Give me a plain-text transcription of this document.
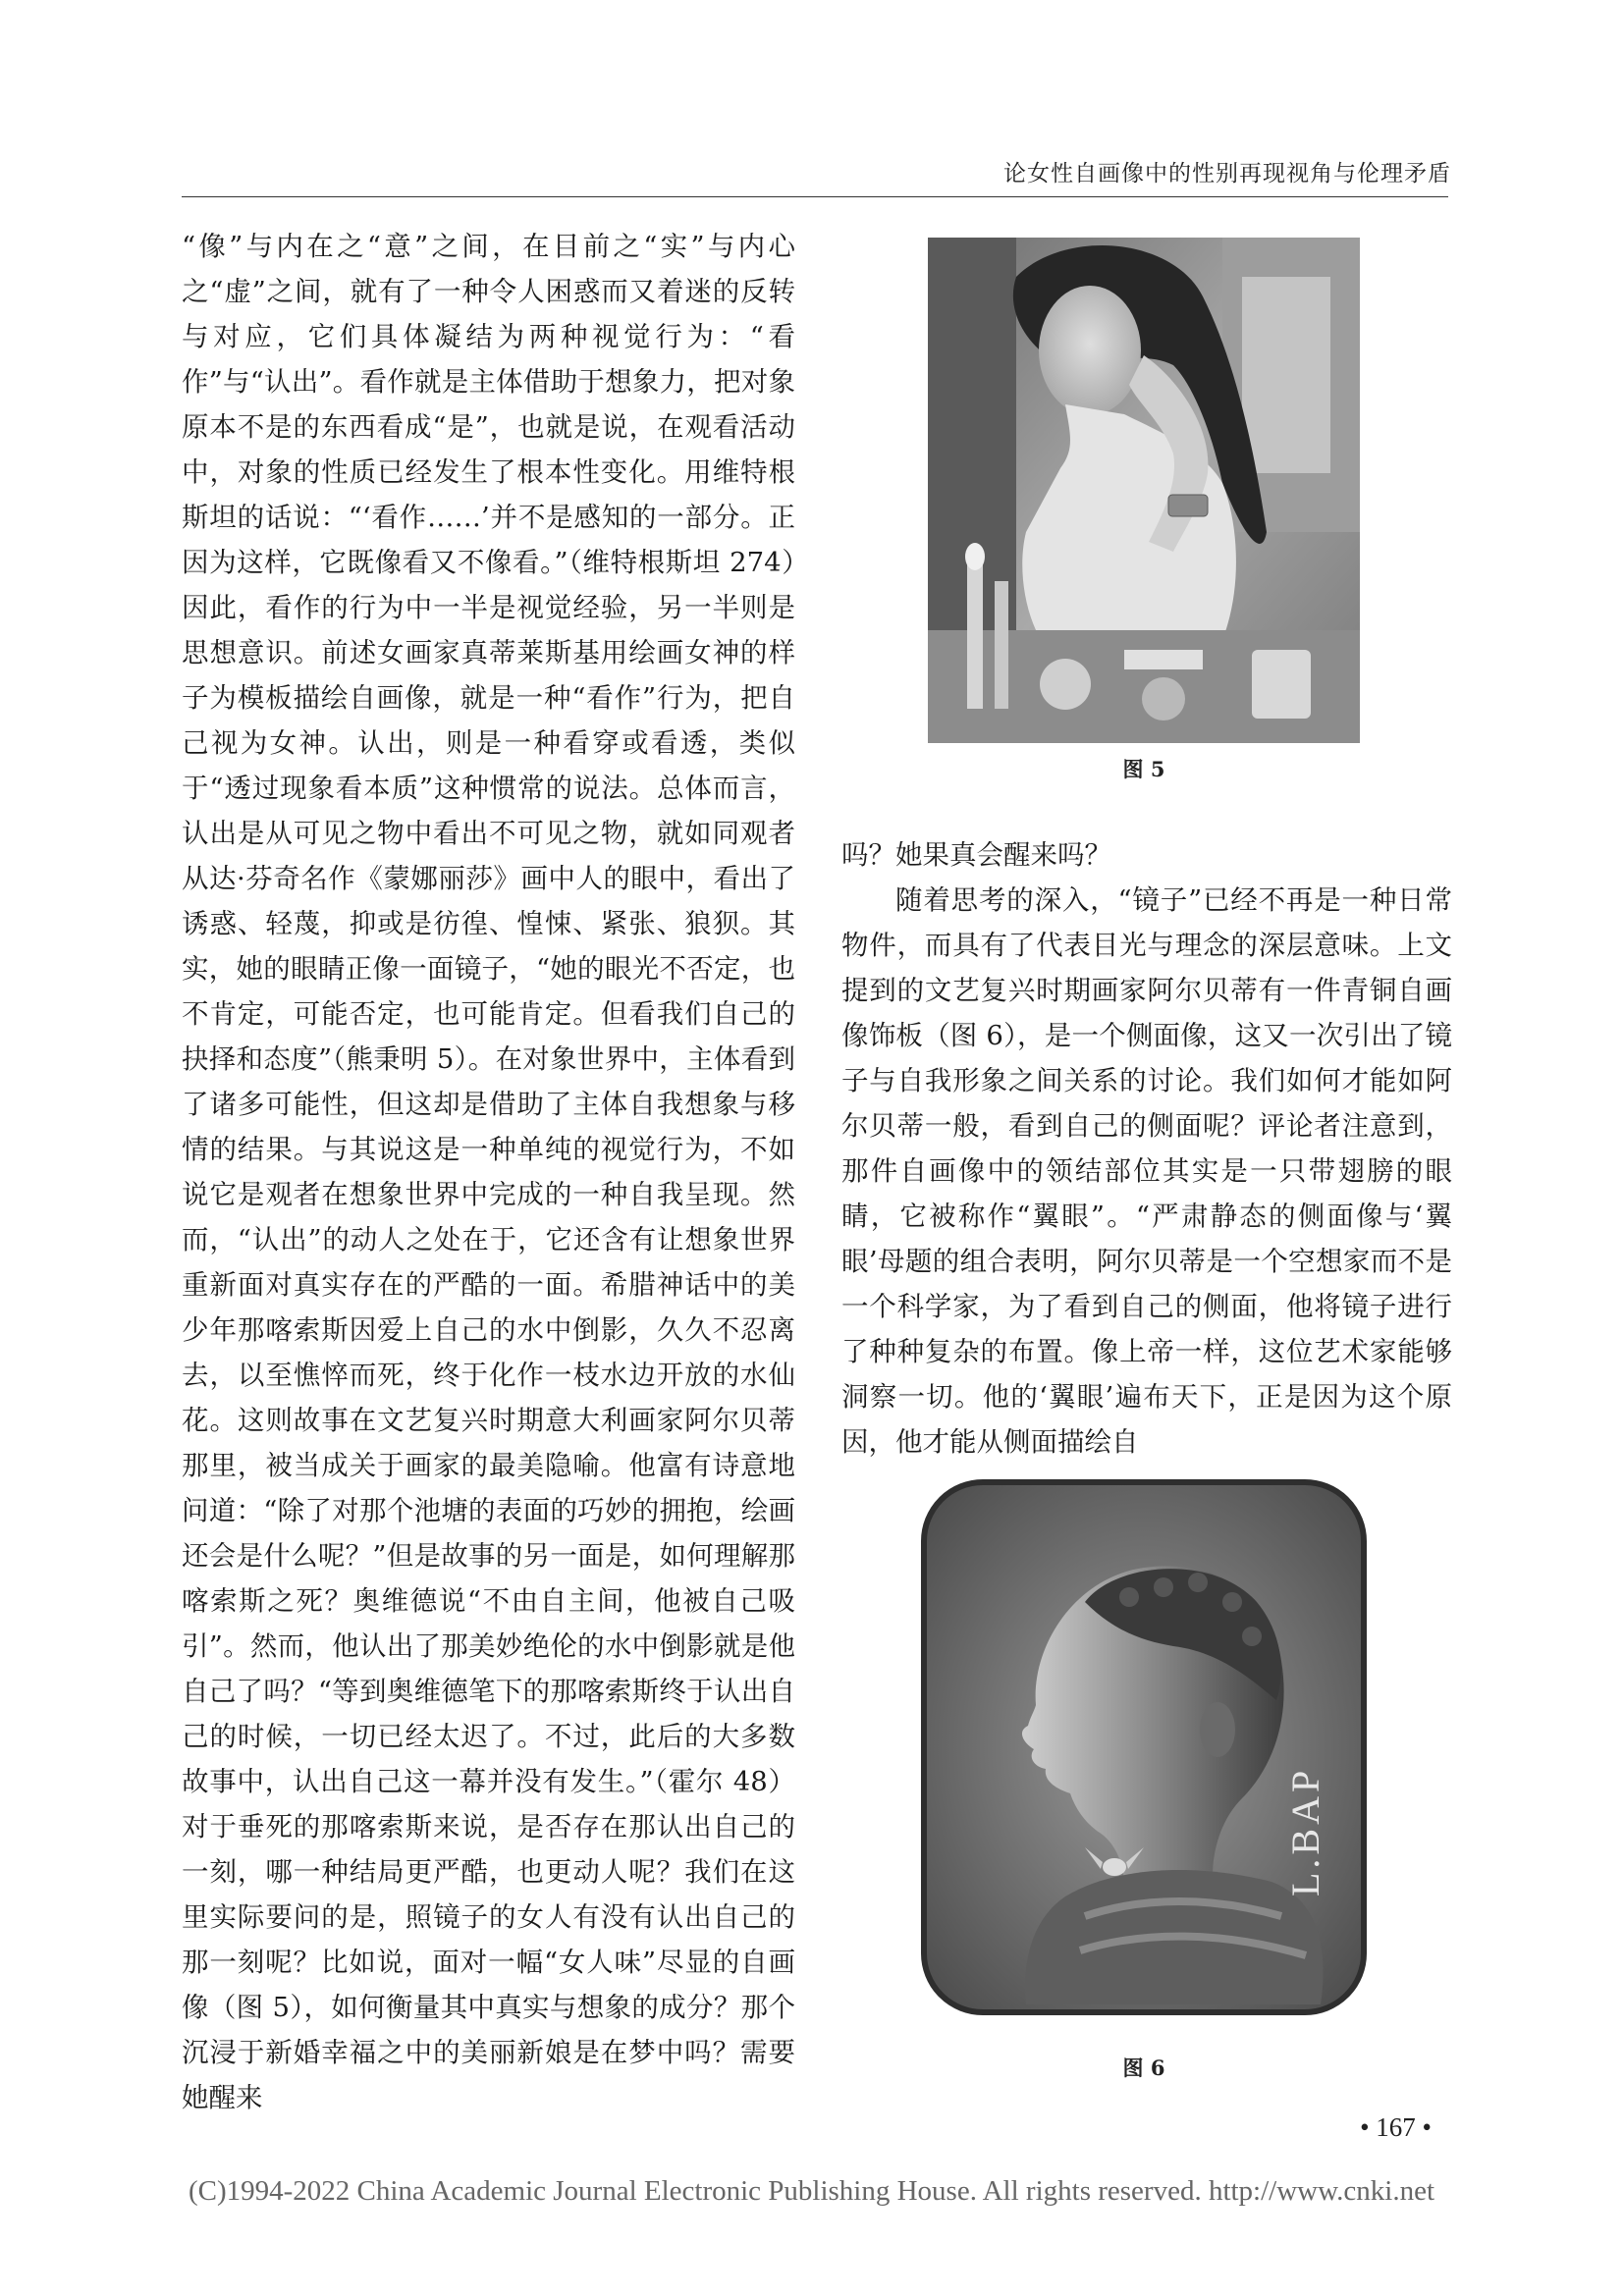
论女性自画像中的性别再现视角与伦理矛盾

“像”与内在之“意”之间，在目前之“实”与内心之“虚”之间，就有了一种令人困惑而又着迷的反转与对应，它们具体凝结为两种视觉行为：“看作”与“认出”。看作就是主体借助于想象力，把对象原本不是的东西看成“是”，也就是说，在观看活动中，对象的性质已经发生了根本性变化。用维特根斯坦的话说：“‘看作……’并不是感知的一部分。正因为这样，它既像看又不像看。”（维特根斯坦 274）因此，看作的行为中一半是视觉经验，另一半则是思想意识。前述女画家真蒂莱斯基用绘画女神的样子为模板描绘自画像，就是一种“看作”行为，把自己视为女神。认出，则是一种看穿或看透，类似于“透过现象看本质”这种惯常的说法。总体而言，认出是从可见之物中看出不可见之物，就如同观者从达·芬奇名作《蒙娜丽莎》画中人的眼中，看出了诱惑、轻蔑，抑或是彷徨、惶悚、紧张、狼狈。其实，她的眼睛正像一面镜子，“她的眼光不否定，也不肯定，可能否定，也可能肯定。但看我们自己的抉择和态度”（熊秉明 5）。在对象世界中，主体看到了诸多可能性，但这却是借助了主体自我想象与移情的结果。与其说这是一种单纯的视觉行为，不如说它是观者在想象世界中完成的一种自我呈现。然而，“认出”的动人之处在于，它还含有让想象世界重新面对真实存在的严酷的一面。希腊神话中的美少年那喀索斯因爱上自己的水中倒影，久久不忍离去，以至憔悴而死，终于化作一枝水边开放的水仙花。这则故事在文艺复兴时期意大利画家阿尔贝蒂那里，被当成关于画家的最美隐喻。他富有诗意地问道：“除了对那个池塘的表面的巧妙的拥抱，绘画还会是什么呢？”但是故事的另一面是，如何理解那喀索斯之死？奥维德说“不由自主间，他被自己吸引”。然而，他认出了那美妙绝伦的水中倒影就是他自己了吗？“等到奥维德笔下的那喀索斯终于认出自己的时候，一切已经太迟了。不过，此后的大多数故事中，认出自己这一幕并没有发生。”（霍尔 48）对于垂死的那喀索斯来说，是否存在那认出自己的一刻，哪一种结局更严酷，也更动人呢？我们在这里实际要问的是，照镜子的女人有没有认出自己的那一刻呢？比如说，面对一幅“女人味”尽显的自画像（图 5），如何衡量其中真实与想象的成分？那个沉浸于新婚幸福之中的美丽新娘是在梦中吗？需要她醒来

图 5

吗？她果真会醒来吗？

随着思考的深入，“镜子”已经不再是一种日常物件，而具有了代表目光与理念的深层意味。上文提到的文艺复兴时期画家阿尔贝蒂有一件青铜自画像饰板（图 6），是一个侧面像，这又一次引出了镜子与自我形象之间关系的讨论。我们如何才能如阿尔贝蒂一般，看到自己的侧面呢？评论者注意到，那件自画像中的领结部位其实是一只带翅膀的眼睛，它被称作“翼眼”。“严肃静态的侧面像与‘翼眼’母题的组合表明，阿尔贝蒂是一个空想家而不是一个科学家，为了看到自己的侧面，他将镜子进行了种种复杂的布置。像上帝一样，这位艺术家能够洞察一切。他的‘翼眼’遍布天下，正是因为这个原因，他才能从侧面描绘自

L.BAP
图 6
• 167 •
(C)1994-2022 China Academic Journal Electronic Publishing House. All rights reserved. http://www.cnki.net
